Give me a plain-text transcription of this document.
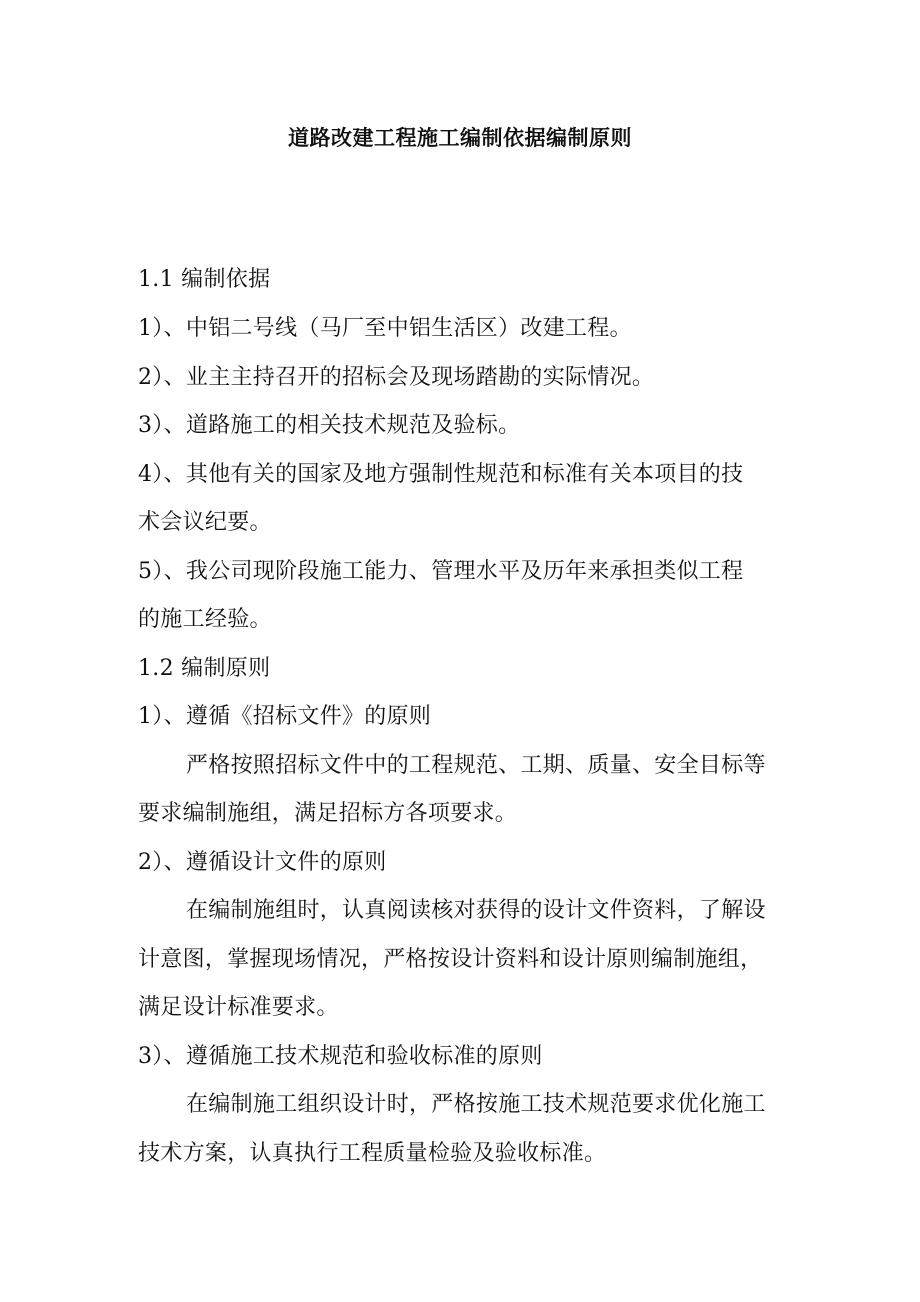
道路改建工程施工编制依据编制原则
1.1 编制依据
1）、中铝二号线（马厂至中铝生活区）改建工程。
2）、业主主持召开的招标会及现场踏勘的实际情况。
3）、道路施工的相关技术规范及验标。
4）、其他有关的国家及地方强制性规范和标准有关本项目的技
术会议纪要。
5）、我公司现阶段施工能力、管理水平及历年来承担类似工程
的施工经验。
1.2 编制原则
1）、遵循《招标文件》的原则
严格按照招标文件中的工程规范、工期、质量、安全目标等
要求编制施组，满足招标方各项要求。
2）、遵循设计文件的原则
在编制施组时，认真阅读核对获得的设计文件资料，了解设
计意图，掌握现场情况，严格按设计资料和设计原则编制施组，
满足设计标准要求。
3）、遵循施工技术规范和验收标准的原则
在编制施工组织设计时，严格按施工技术规范要求优化施工
技术方案，认真执行工程质量检验及验收标准。
